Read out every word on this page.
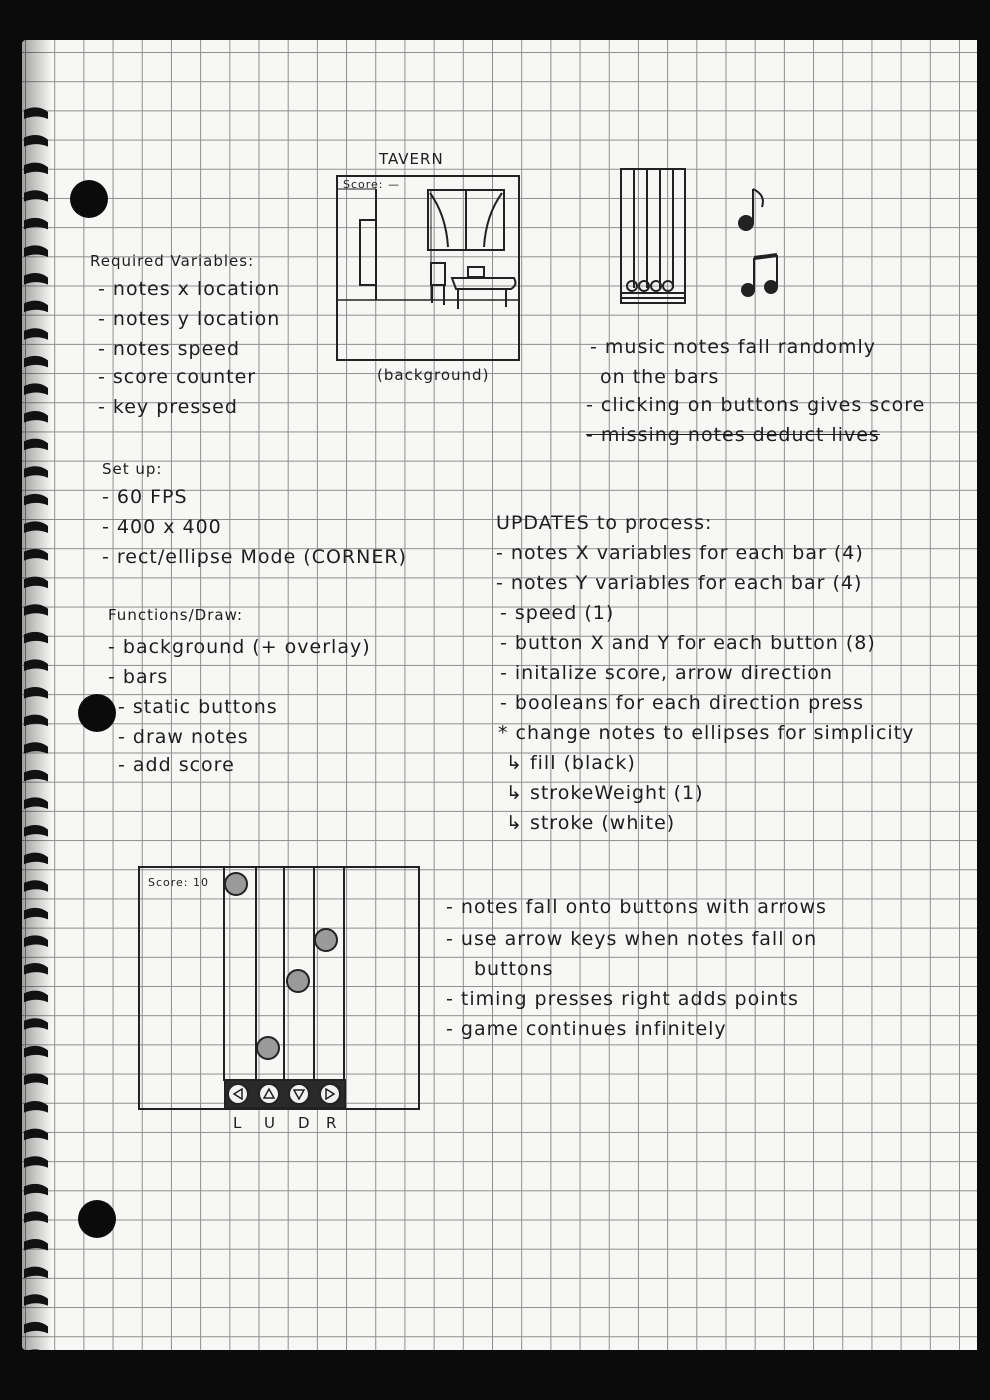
TAVERN
Score: —
(background)
Required Variables:
- notes x location
- notes y location
- notes speed
- score counter
- key pressed
Set up:
- 60 FPS
- 400 x 400
- rect/ellipse Mode (CORNER)
Functions/Draw:
- background (+ overlay)
- bars
- static buttons
- draw notes
- add score
- music notes fall randomly
on the bars
- clicking on buttons gives score
- missing notes deduct lives
UPDATES to process:
- notes X variables for each bar (4)
- notes Y variables for each bar (4)
- speed (1)
- button X and Y for each button (8)
- initalize score, arrow direction
- booleans for each direction press
* change notes to ellipses for simplicity
↳ fill (black)
↳ strokeWeight (1)
↳ stroke (white)
Score: 10
L U D R
- notes fall onto buttons with arrows
- use arrow keys when notes fall on
buttons
- timing presses right adds points
- game continues infinitely
